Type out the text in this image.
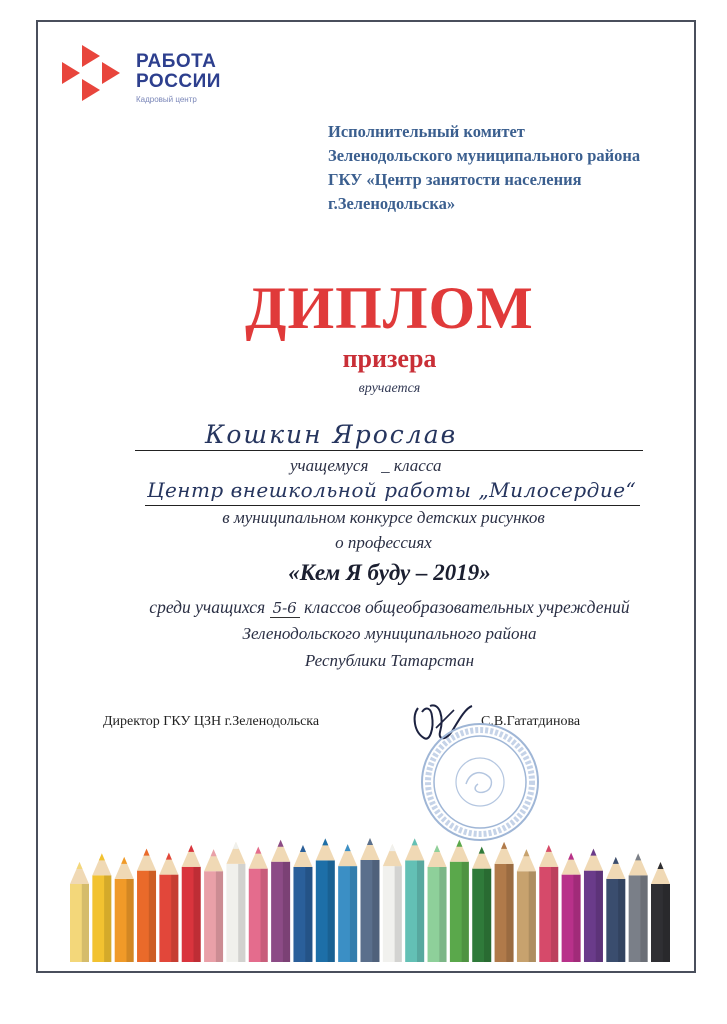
РАБОТА
РОССИИ
Кадровый центр
Исполнительный комитет
Зеленодольского муниципального района
ГКУ «Центр занятости населения
г.Зеленодольска»
ДИПЛОМ
призера
вручается
Кошкин Ярослав
учащемуся _ класса
Центр внешкольной работы „Милосердие“
в муниципальном конкурсе детских рисунков
о профессиях
«Кем Я буду – 2019»
среди учащихся 5-6 классов общеобразовательных учреждений
Зеленодольского муниципального района
Республики Татарстан
Директор ГКУ ЦЗН г.Зеленодольска	С.В.Гататдинова
